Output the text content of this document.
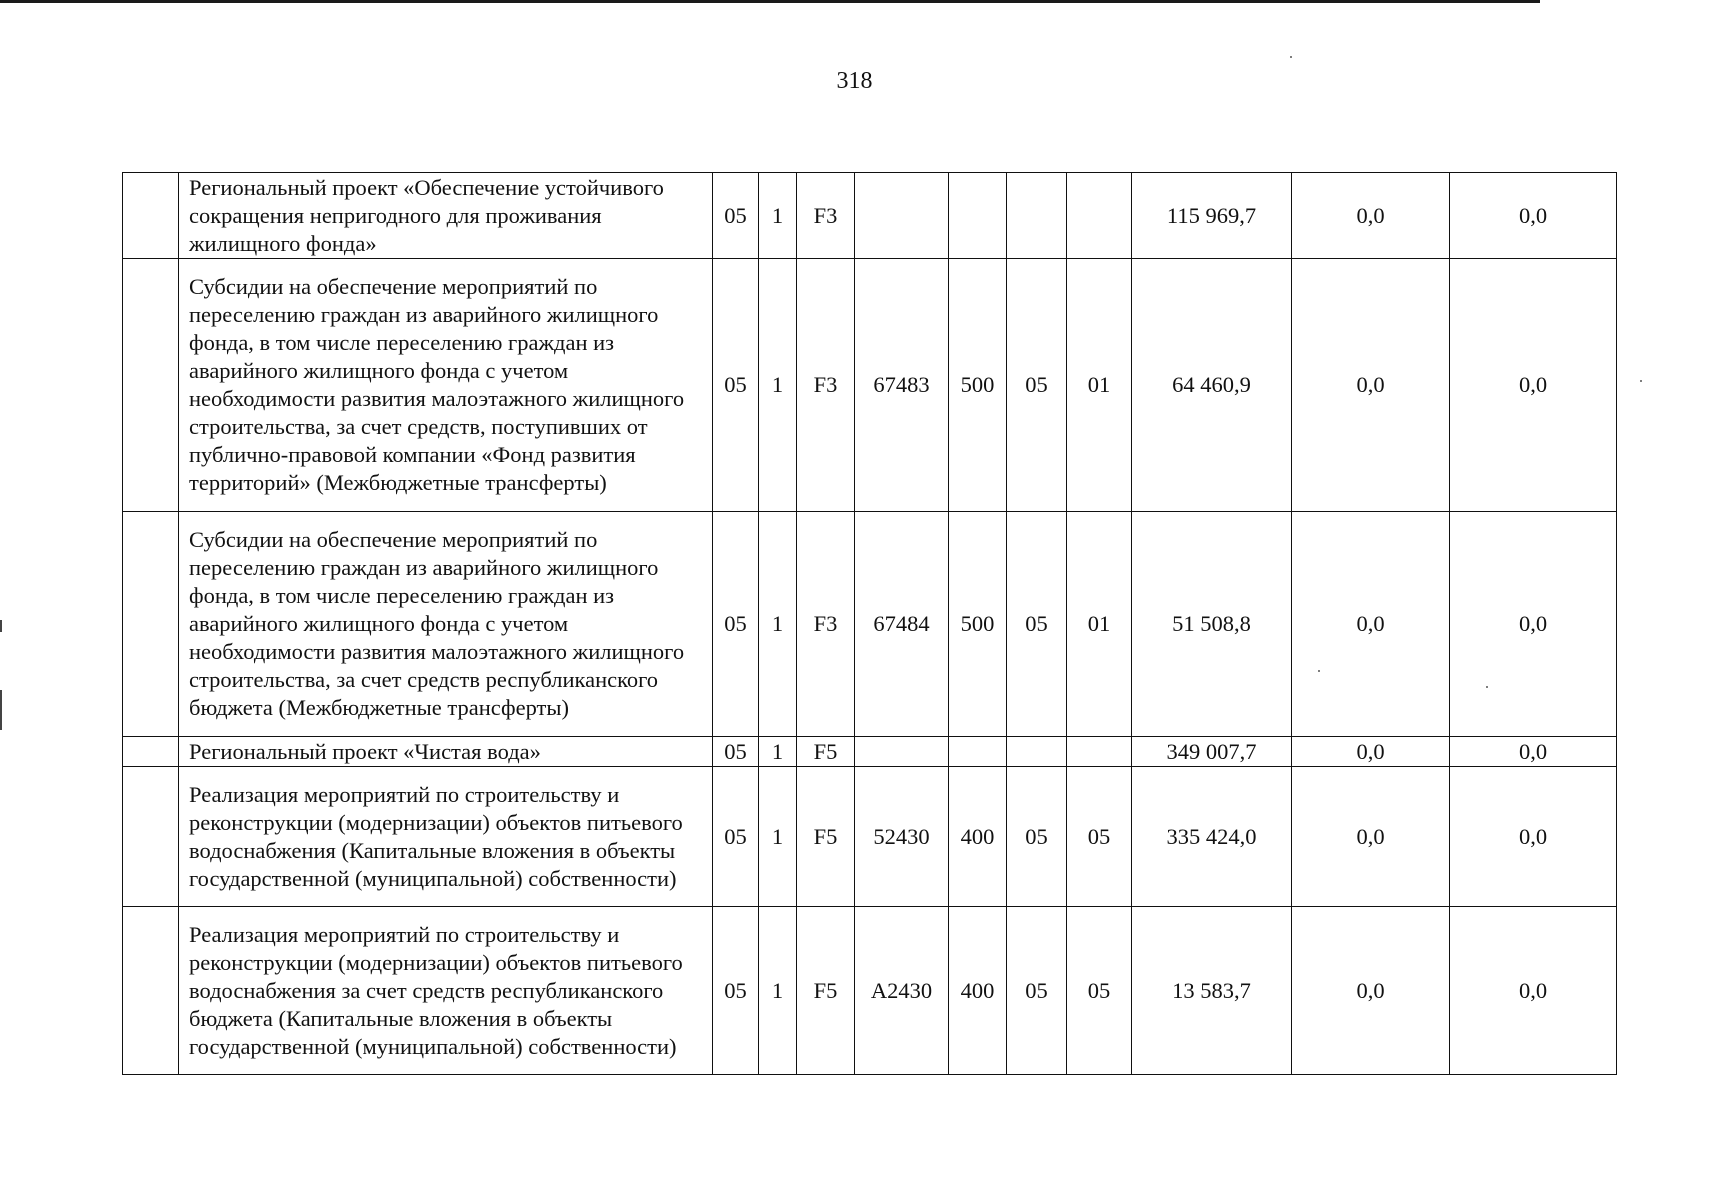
318
	Региональный проект «Обеспечение устойчивого сокращения непригодного для проживания жилищного фонда»	05	1	F3					115 969,7	0,0	0,0
	Субсидии на обеспечение мероприятий по переселению граждан из аварийного жилищного фонда, в том числе переселению граждан из аварийного жилищного фонда с учетом необходимости развития малоэтажного жилищного строительства, за счет средств, поступивших от публично-правовой компании «Фонд развития территорий» (Межбюджетные трансферты)	05	1	F3	67483	500	05	01	64 460,9	0,0	0,0
	Субсидии на обеспечение мероприятий по переселению граждан из аварийного жилищного фонда, в том числе переселению граждан из аварийного жилищного фонда с учетом необходимости развития малоэтажного жилищного строительства, за счет средств республиканского бюджета (Межбюджетные трансферты)	05	1	F3	67484	500	05	01	51 508,8	0,0	0,0
	Региональный проект «Чистая вода»	05	1	F5					349 007,7	0,0	0,0
	Реализация мероприятий по строительству и реконструкции (модернизации) объектов питьевого водоснабжения (Капитальные вложения в объекты государственной (муниципальной) собственности)	05	1	F5	52430	400	05	05	335 424,0	0,0	0,0
	Реализация мероприятий по строительству и реконструкции (модернизации) объектов питьевого водоснабжения за счет средств республиканского бюджета (Капитальные вложения в объекты государственной (муниципальной) собственности)	05	1	F5	A2430	400	05	05	13 583,7	0,0	0,0
